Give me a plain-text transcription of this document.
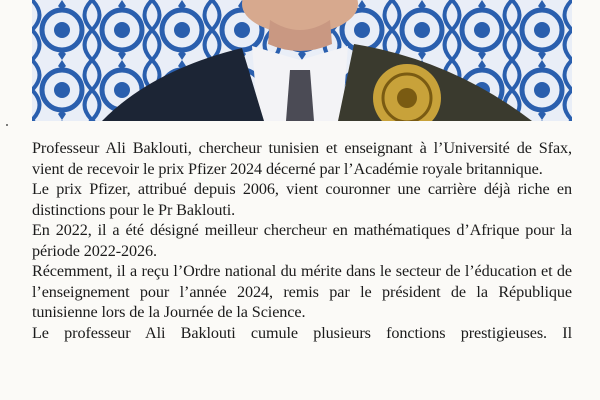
Professeur Ali Baklouti, chercheur tunisien et enseignant à l’Université de Sfax, vient de recevoir le prix Pfizer 2024 décerné par l’Académie royale britannique.

Le prix Pfizer, attribué depuis 2006, vient couronner une carrière déjà riche en distinctions pour le Pr Baklouti.

En 2022, il a été désigné meilleur chercheur en mathématiques d’Afrique pour la période 2022-2026.

Récemment, il a reçu l’Ordre national du mérite dans le secteur de l’éducation et de l’enseignement pour l’année 2024, remis par le président de la République tunisienne lors de la Journée de la Science.

Le professeur Ali Baklouti cumule plusieurs fonctions prestigieuses. Il
